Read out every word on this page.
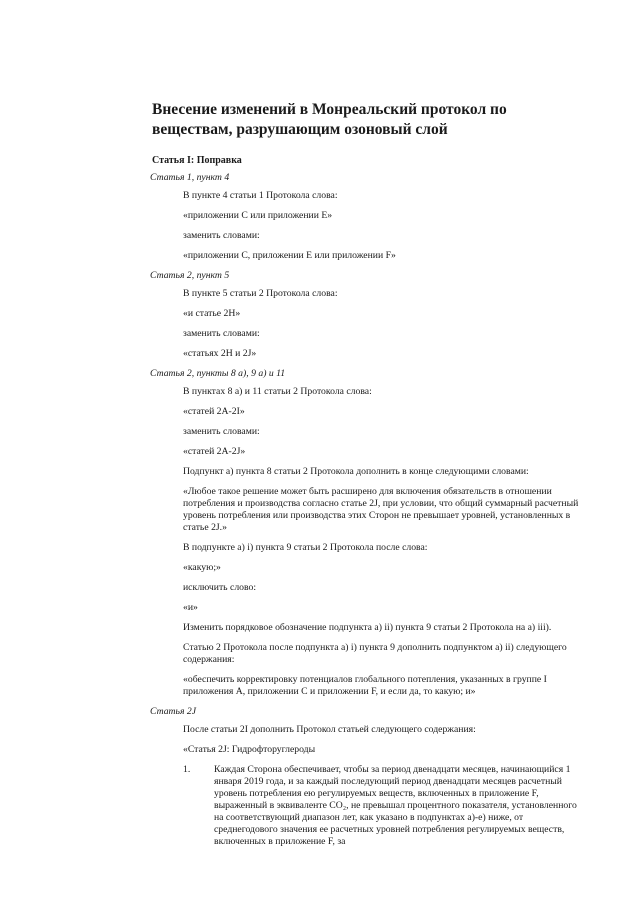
Внесение изменений в Монреальский протокол по веществам, разрушающим озоновый слой
Статья I: Поправка

Статья 1, пункт 4

В пункте 4 статьи 1 Протокола слова:

«приложении С или приложении Е»

заменить словами:

«приложении С, приложении Е или приложении F»

Статья 2, пункт 5

В пункте 5 статьи 2 Протокола слова:

«и статье 2Н»

заменить словами:

«статьях 2Н и 2J»

Статья 2, пункты 8 а), 9 а) и 11

В пунктах 8 а) и 11 статьи 2 Протокола слова:

«статей 2А-2I»

заменить словами:

«статей 2А-2J»

Подпункт а) пункта 8 статьи 2 Протокола дополнить в конце следующими словами:

«Любое такое решение может быть расширено для включения обязательств в отношении потребления и производства согласно статье 2J, при условии, что общий суммарный расчетный уровень потребления или производства этих Сторон не превышает уровней, установленных в статье 2J.»

В подпункте а) i) пункта 9 статьи 2 Протокола после слова:

«какую;»

исключить слово:

«и»

Изменить порядковое обозначение подпункта а) ii) пункта 9 статьи 2 Протокола на а) iii).

Статью 2 Протокола после подпункта а) i) пункта 9 дополнить подпунктом а) ii) следующего содержания:

«обеспечить корректировку потенциалов глобального потепления, указанных в группе I приложения А, приложении С и приложении F, и если да, то какую; и»

Статья 2J

После статьи 2I дополнить Протокол статьей следующего содержания:

«Статья 2J: Гидрофторуглероды

1.	Каждая Сторона обеспечивает, чтобы за период двенадцати месяцев, начинающийся 1 января 2019 года, и за каждый последующий период двенадцати месяцев расчетный уровень потребления ею регулируемых веществ, включенных в приложение F, выраженный в эквиваленте СО₂, не превышал процентного показателя, установленного на соответствующий диапазон лет, как указано в подпунктах а)-е) ниже, от среднегодового значения ее расчетных уровней потребления регулируемых веществ, включенных в приложение F, за
